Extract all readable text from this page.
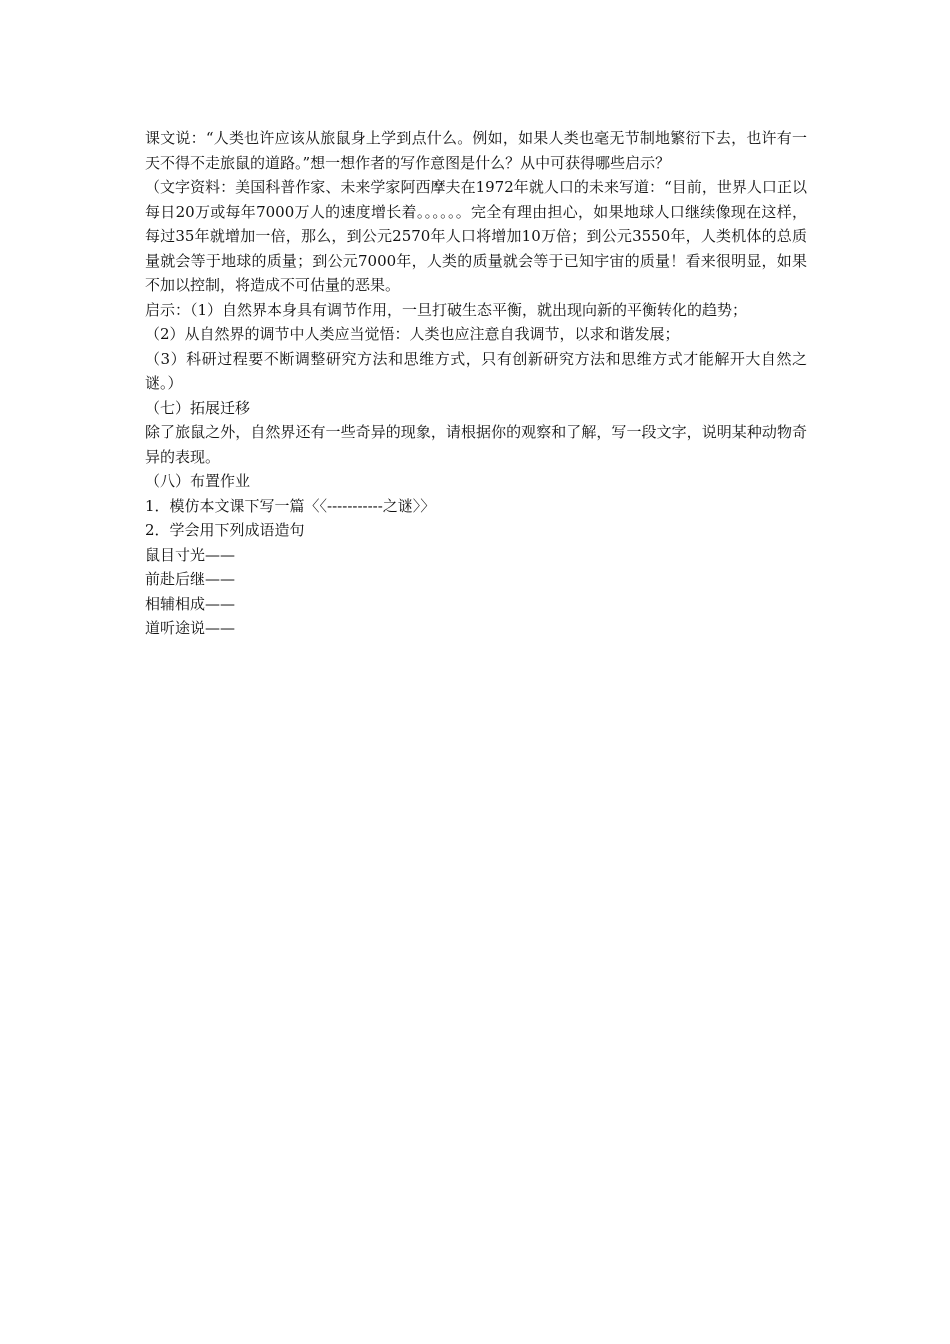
课文说：“人类也许应该从旅鼠身上学到点什么。例如，如果人类也毫无节制地繁衍下去，也许有一天不得不走旅鼠的道路。”想一想作者的写作意图是什么？从中可获得哪些启示？

（文字资料：美国科普作家、未来学家阿西摩夫在1972年就人口的未来写道：“目前，世界人口正以每日20万或每年7000万人的速度增长着。。。。。。完全有理由担心，如果地球人口继续像现在这样，每过35年就增加一倍，那么，到公元2570年人口将增加10万倍；到公元3550年，人类机体的总质量就会等于地球的质量；到公元7000年，人类的质量就会等于已知宇宙的质量！看来很明显，如果不加以控制，将造成不可估量的恶果。

启示：（1）自然界本身具有调节作用，一旦打破生态平衡，就出现向新的平衡转化的趋势；

（2）从自然界的调节中人类应当觉悟：人类也应注意自我调节，以求和谐发展；

（3）科研过程要不断调整研究方法和思维方式，只有创新研究方法和思维方式才能解开大自然之谜。）

（七）拓展迁移

除了旅鼠之外，自然界还有一些奇异的现象，请根据你的观察和了解，写一段文字，说明某种动物奇异的表现。

（八）布置作业

1．模仿本文课下写一篇〈〈-----------之谜〉〉

2．学会用下列成语造句

鼠目寸光——

前赴后继——

相辅相成——

道听途说——
